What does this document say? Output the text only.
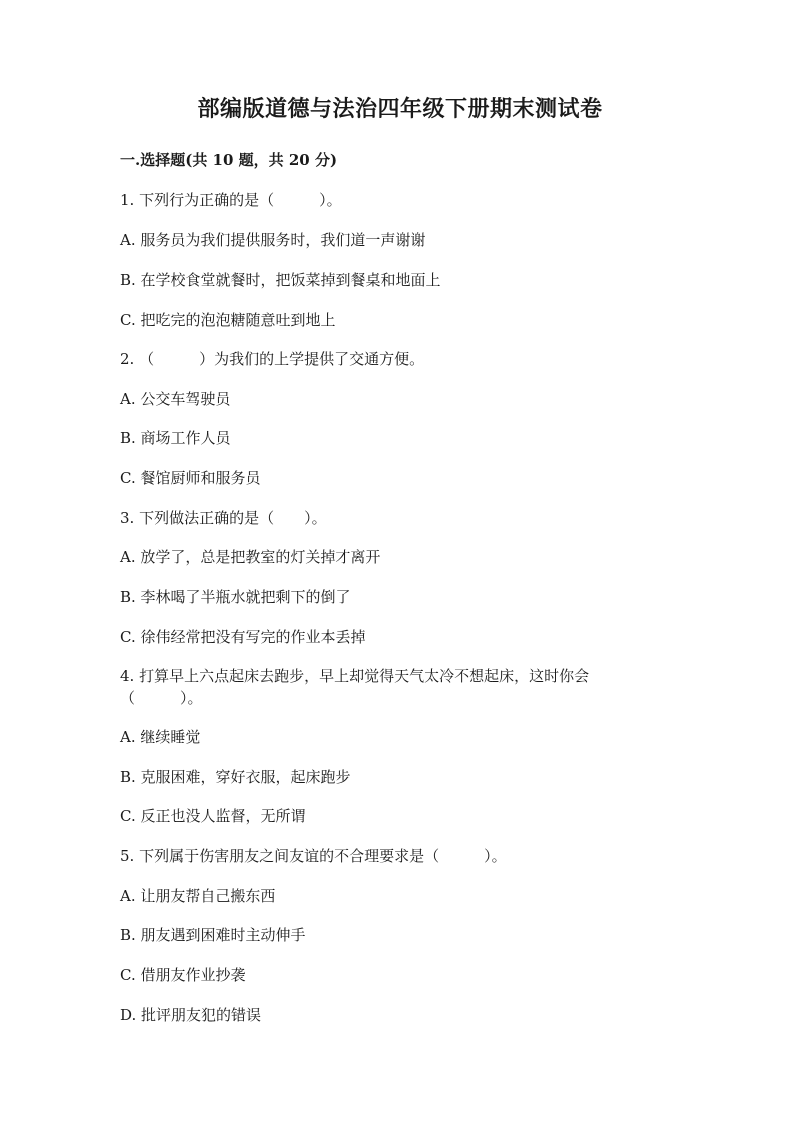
部编版道德与法治四年级下册期末测试卷
一.选择题(共 10 题，共 20 分)
1. 下列行为正确的是（　　　）。
A. 服务员为我们提供服务时，我们道一声谢谢
B. 在学校食堂就餐时，把饭菜掉到餐桌和地面上
C. 把吃完的泡泡糖随意吐到地上
2. （　　　）为我们的上学提供了交通方便。
A. 公交车驾驶员
B. 商场工作人员
C. 餐馆厨师和服务员
3. 下列做法正确的是（　　）。
A. 放学了，总是把教室的灯关掉才离开
B. 李林喝了半瓶水就把剩下的倒了
C. 徐伟经常把没有写完的作业本丢掉
4. 打算早上六点起床去跑步，早上却觉得天气太冷不想起床，这时你会
（　　　）。
A. 继续睡觉
B. 克服困难，穿好衣服，起床跑步
C. 反正也没人监督，无所谓
5. 下列属于伤害朋友之间友谊的不合理要求是（　　　）。
A. 让朋友帮自己搬东西
B. 朋友遇到困难时主动伸手
C. 借朋友作业抄袭
D. 批评朋友犯的错误
